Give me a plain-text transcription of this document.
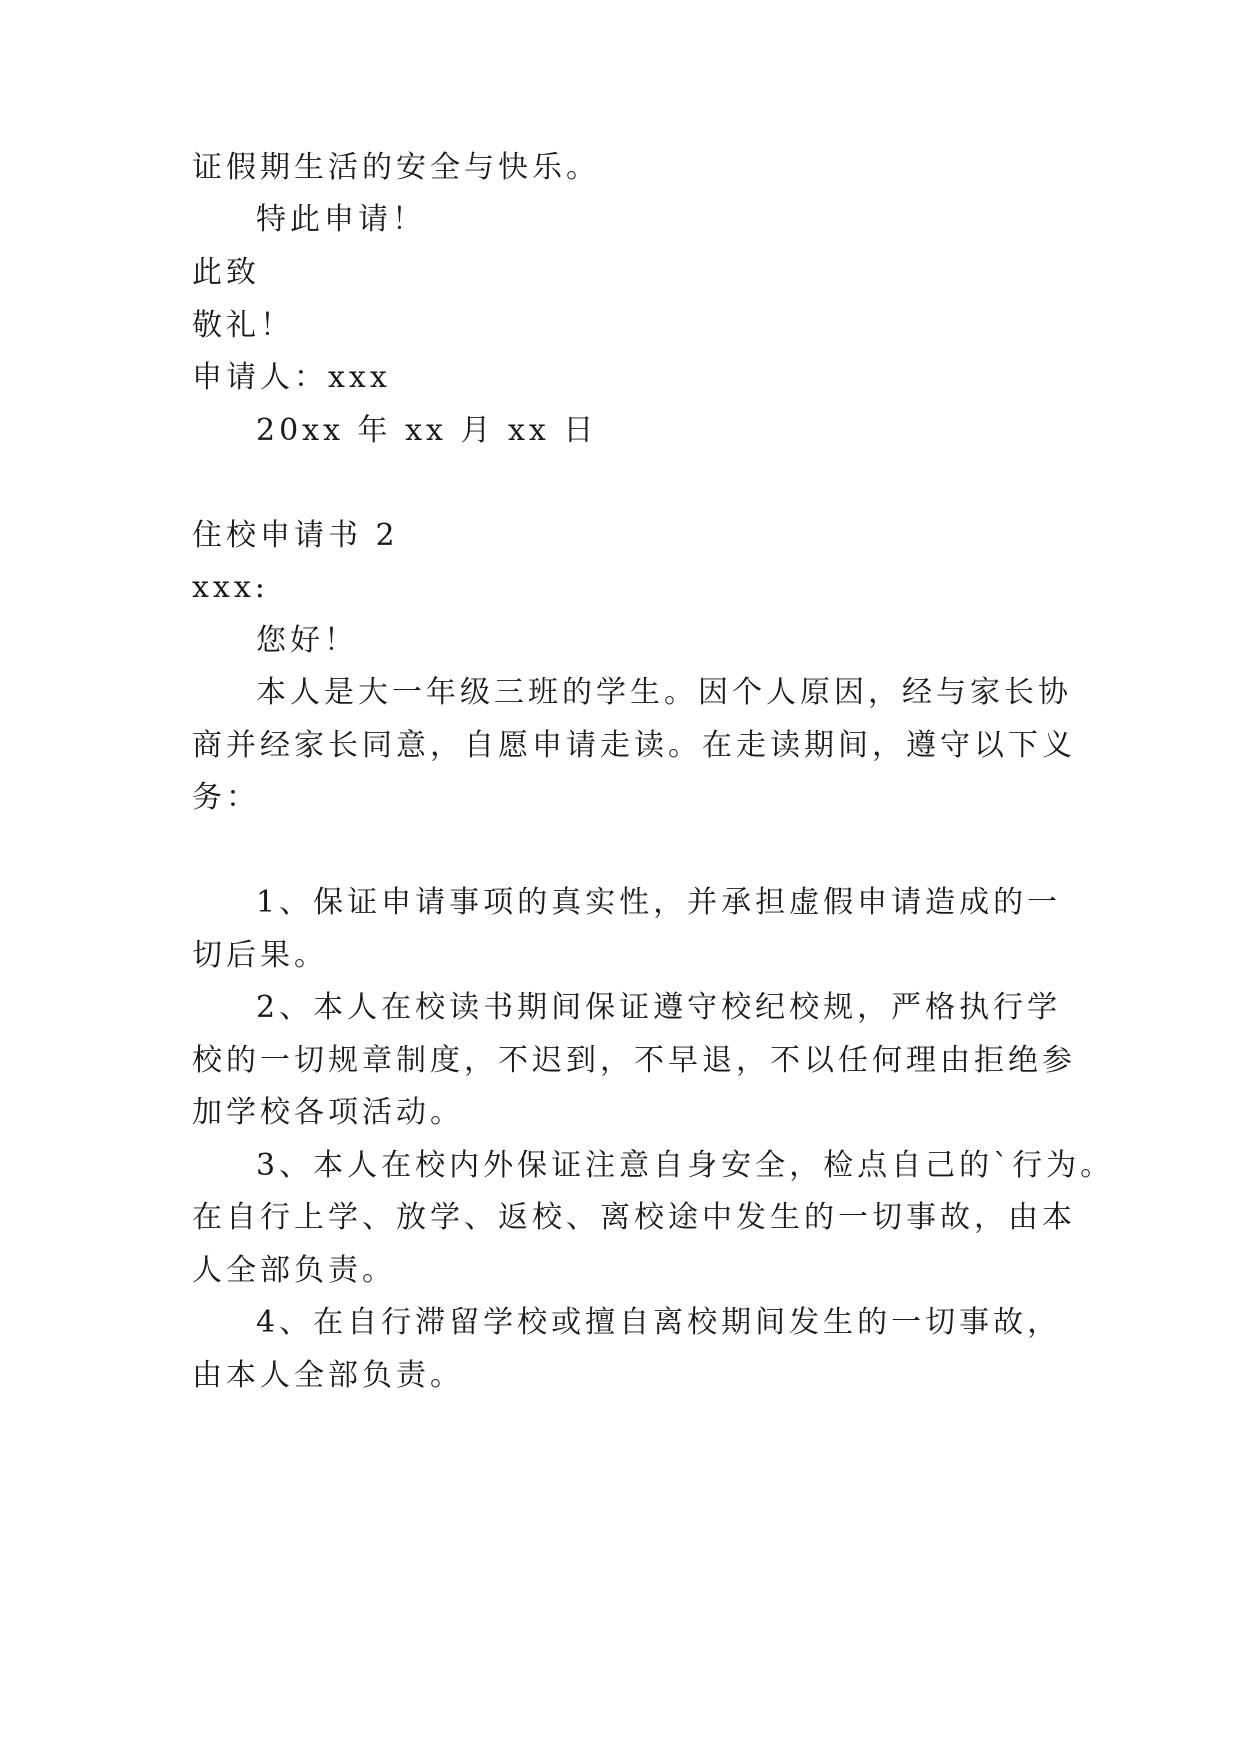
证假期生活的安全与快乐。
特此申请！
此致
敬礼！
申请人：xxx
20xx 年 xx 月 xx 日
住校申请书 2
xxx:
您好！
本人是大一年级三班的学生。因个人原因，经与家长协
商并经家长同意，自愿申请走读。在走读期间，遵守以下义
务：
1、保证申请事项的真实性，并承担虚假申请造成的一
切后果。
2、本人在校读书期间保证遵守校纪校规，严格执行学
校的一切规章制度，不迟到，不早退，不以任何理由拒绝参
加学校各项活动。
3、本人在校内外保证注意自身安全，检点自己的`行为。
在自行上学、放学、返校、离校途中发生的一切事故，由本
人全部负责。
4、在自行滞留学校或擅自离校期间发生的一切事故，
由本人全部负责。
